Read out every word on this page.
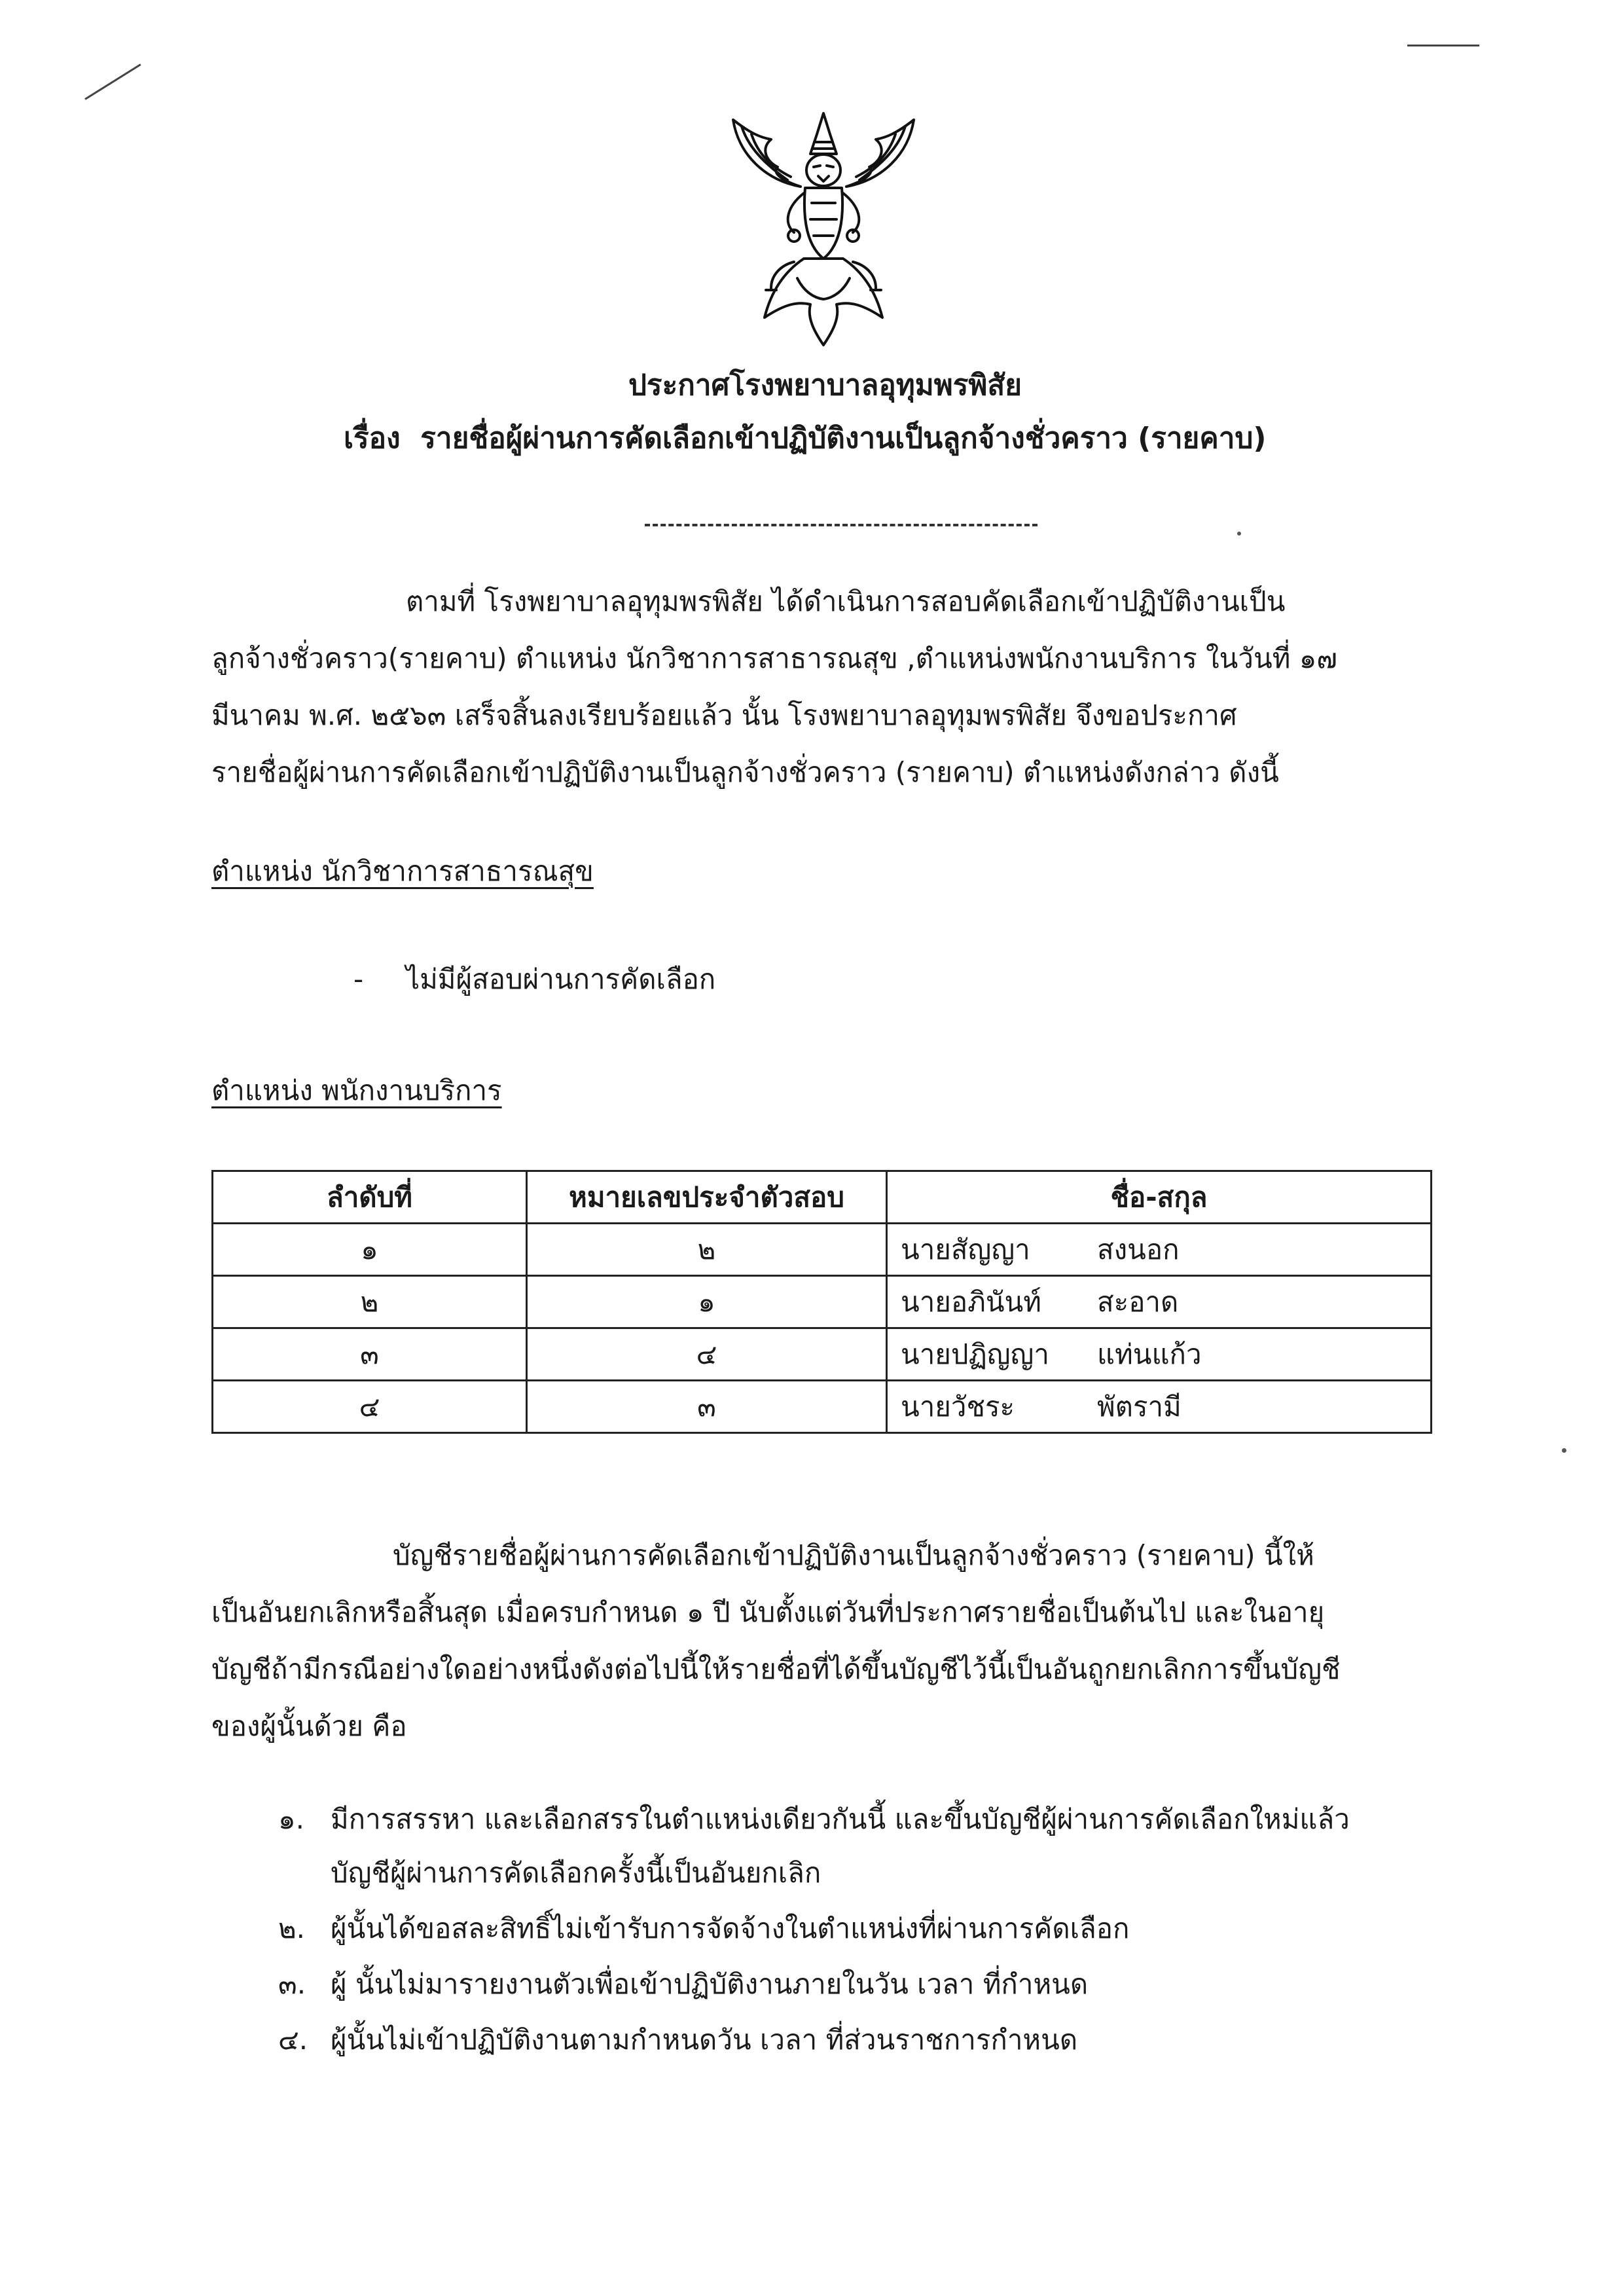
ประกาศโรงพยาบาลอุทุมพรพิสัย
เรื่อง รายชื่อผู้ผ่านการคัดเลือกเข้าปฏิบัติงานเป็นลูกจ้างชั่วคราว (รายคาบ)
ตามที่ โรงพยาบาลอุทุมพรพิสัย ได้ดำเนินการสอบคัดเลือกเข้าปฏิบัติงานเป็น
ลูกจ้างชั่วคราว(รายคาบ) ตำแหน่ง นักวิชาการสาธารณสุข ,ตำแหน่งพนักงานบริการ ในวันที่ ๑๗
มีนาคม พ.ศ. ๒๕๖๓ เสร็จสิ้นลงเรียบร้อยแล้ว นั้น โรงพยาบาลอุทุมพรพิสัย จึงขอประกาศ
รายชื่อผู้ผ่านการคัดเลือกเข้าปฏิบัติงานเป็นลูกจ้างชั่วคราว (รายคาบ) ตำแหน่งดังกล่าว ดังนี้
ตำแหน่ง นักวิชาการสาธารณสุข
- ไม่มีผู้สอบผ่านการคัดเลือก
ตำแหน่ง พนักงานบริการ
ลำดับที่	หมายเลขประจำตัวสอบ	ชื่อ-สกุล
๑	๒	นายสัญญา สงนอก
๒	๑	นายอภินันท์ สะอาด
๓	๔	นายปฏิญญา แท่นแก้ว
๔	๓	นายวัชระ พัตรามี
บัญชีรายชื่อผู้ผ่านการคัดเลือกเข้าปฏิบัติงานเป็นลูกจ้างชั่วคราว (รายคาบ) นี้ให้
เป็นอันยกเลิกหรือสิ้นสุด เมื่อครบกำหนด ๑ ปี นับตั้งแต่วันที่ประกาศรายชื่อเป็นต้นไป และในอายุ
บัญชีถ้ามีกรณีอย่างใดอย่างหนึ่งดังต่อไปนี้ให้รายชื่อที่ได้ขึ้นบัญชีไว้นี้เป็นอันถูกยกเลิกการขึ้นบัญชี
ของผู้นั้นด้วย คือ
๑. มีการสรรหา และเลือกสรรในตำแหน่งเดียวกันนี้ และขึ้นบัญชีผู้ผ่านการคัดเลือกใหม่แล้ว
บัญชีผู้ผ่านการคัดเลือกครั้งนี้เป็นอันยกเลิก
๒. ผู้นั้นได้ขอสละสิทธิ์ไม่เข้ารับการจัดจ้างในตำแหน่งที่ผ่านการคัดเลือก
๓. ผู้ นั้นไม่มารายงานตัวเพื่อเข้าปฏิบัติงานภายในวัน เวลา ที่กำหนด
๔. ผู้นั้นไม่เข้าปฏิบัติงานตามกำหนดวัน เวลา ที่ส่วนราชการกำหนด
